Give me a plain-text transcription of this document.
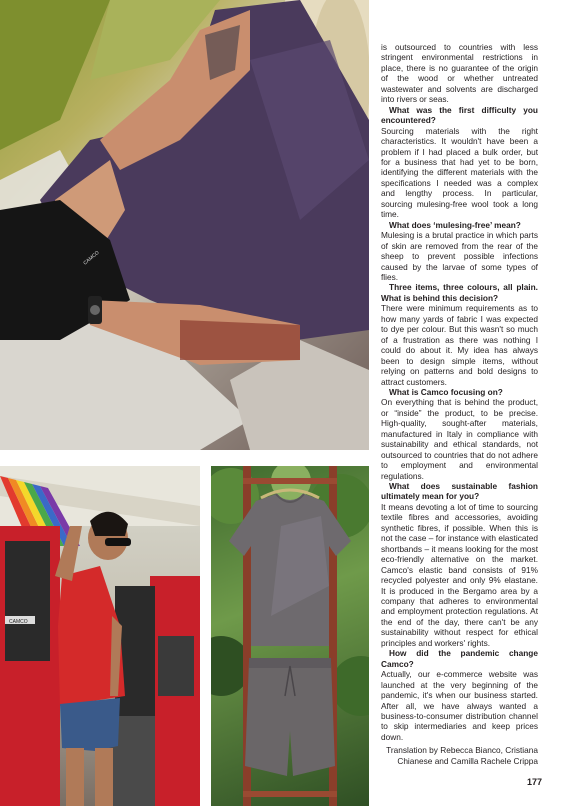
CAMCO
CAMCO

is outsourced to countries with less stringent environmental restrictions in place, there is no guarantee of the origin of the wood or whether untreated wastewater and solvents are discharged into rivers or seas.

What was the first difficulty you encountered?

Sourcing materials with the right characteristics. It wouldn't have been a problem if I had placed a bulk order, but for a business that had yet to be born, identifying the different materials with the specifications I needed was a complex and lengthy process. In particular, sourcing mulesing-free wool took a long time.

What does ‘mulesing-free’ mean?

Mulesing is a brutal practice in which parts of skin are removed from the rear of the sheep to prevent possible infections caused by the larvae of some types of flies.

Three items, three colours, all plain. What is behind this decision?

There were minimum requirements as to how many yards of fabric I was expected to dye per colour. But this wasn't so much of a frustration as there was nothing I could do about it. My idea has always been to design simple items, without relying on patterns and bold designs to attract customers.

What is Camco focusing on?

On everything that is behind the product, or “inside” the product, to be precise. High-quality, sought-after materials, manufactured in Italy in compliance with sustainability and ethical standards, not outsourced to countries that do not adhere to employment and environmental regulations.

What does sustainable fashion ultimately mean for you?

It means devoting a lot of time to sourcing textile fibres and accessories, avoiding synthetic fibres, if possible. When this is not the case – for instance with elasticated shortbands – it means looking for the most eco-friendly alternative on the market. Camco's elastic band consists of 91% recycled polyester and only 9% elastane. It is produced in the Bergamo area by a company that adheres to environmental and employment protection regulations. At the end of the day, there can't be any sustainability without respect for ethical principles and workers' rights.

How did the pandemic change Camco?

Actually, our e-commerce website was launched at the very beginning of the pandemic, it's when our business started. After all, we have always wanted a business-to-consumer distribution channel to skip intermediaries and keep prices down.

Translation by Rebecca Bianco, Cristiana Chianese and Camilla Rachele Crippa

177
